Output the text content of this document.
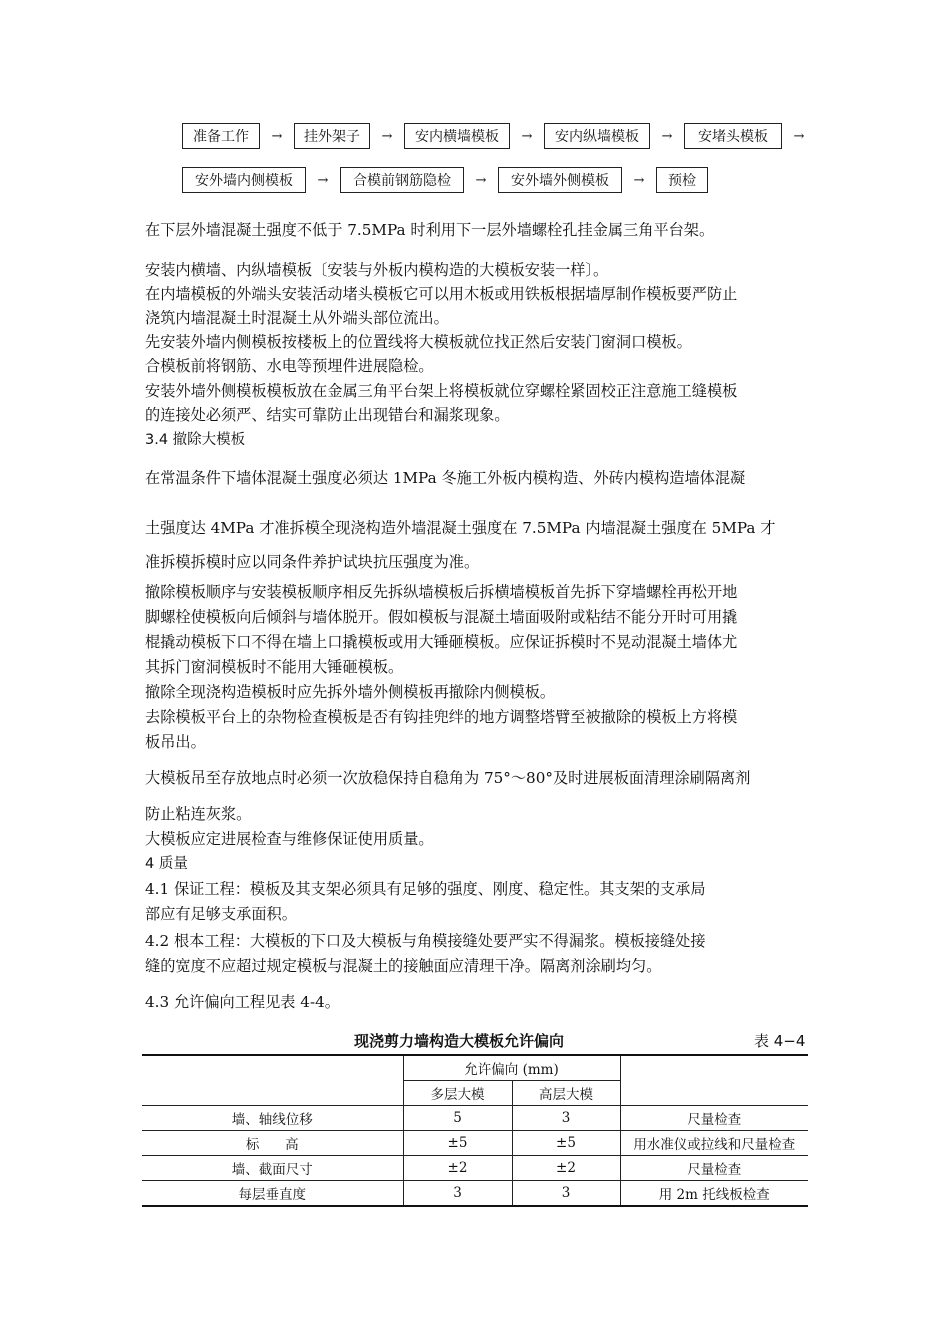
准备工作	→	挂外架子	→	安内横墙模板	→	安内纵墙模板	→	安堵头模板	→
安外墙内侧模板	→	合模前钢筋隐检	→	安外墙外侧模板	→	预检
在下层外墙混凝土强度不低于 7.5MPa 时利用下一层外墙螺栓孔挂金属三角平台架。
安装内横墙、内纵墙模板〔安装与外板内模构造的大模板安装一样〕。
在内墙模板的外端头安装活动堵头模板它可以用木板或用铁板根据墙厚制作模板要严防止
浇筑内墙混凝土时混凝土从外端头部位流出。
先安装外墙内侧模板按楼板上的位置线将大模板就位找正然后安装门窗洞口模板。
合模板前将钢筋、水电等预埋件进展隐检。
安装外墙外侧模板模板放在金属三角平台架上将模板就位穿螺栓紧固校正注意施工缝模板
的连接处必须严、结实可靠防止出现错台和漏浆现象。
3.4 撤除大模板
在常温条件下墙体混凝土强度必须达 1MPa 冬施工外板内模构造、外砖内模构造墙体混凝
土强度达 4MPa 才准拆模全现浇构造外墙混凝土强度在 7.5MPa 内墙混凝土强度在 5MPa 才
准拆模拆模时应以同条件养护试块抗压强度为准。
撤除模板顺序与安装模板顺序相反先拆纵墙模板后拆横墙模板首先拆下穿墙螺栓再松开地
脚螺栓使模板向后倾斜与墙体脱开。假如模板与混凝土墙面吸附或粘结不能分开时可用撬
棍撬动模板下口不得在墙上口撬模板或用大锤砸模板。应保证拆模时不晃动混凝土墙体尤
其拆门窗洞模板时不能用大锤砸模板。
撤除全现浇构造模板时应先拆外墙外侧模板再撤除内侧模板。
去除模板平台上的杂物检查模板是否有钩挂兜绊的地方调整塔臂至被撤除的模板上方将模
板吊出。
大模板吊至存放地点时必须一次放稳保持自稳角为 75°～80°及时进展板面清理涂刷隔离剂
防止粘连灰浆。
大模板应定进展检查与维修保证使用质量。
4 质量
4.1 保证工程：模板及其支架必须具有足够的强度、刚度、稳定性。其支架的支承局
部应有足够支承面积。
4.2 根本工程：大模板的下口及大模板与角模接缝处要严实不得漏浆。模板接缝处接
缝的宽度不应超过规定模板与混凝土的接触面应清理干净。隔离剂涂刷均匀。
4.3 允许偏向工程见表 4-4。
现浇剪力墙构造大模板允许偏向	表 4−4
	允许偏向 (mm)		
	多层大模	高层大模	
墙、轴线位移	5	3	尺量检查
标      高	±5	±5	用水准仪或拉线和尺量检查
墙、截面尺寸	±2	±2	尺量检查
每层垂直度	3	3	用 2m 托线板检查
